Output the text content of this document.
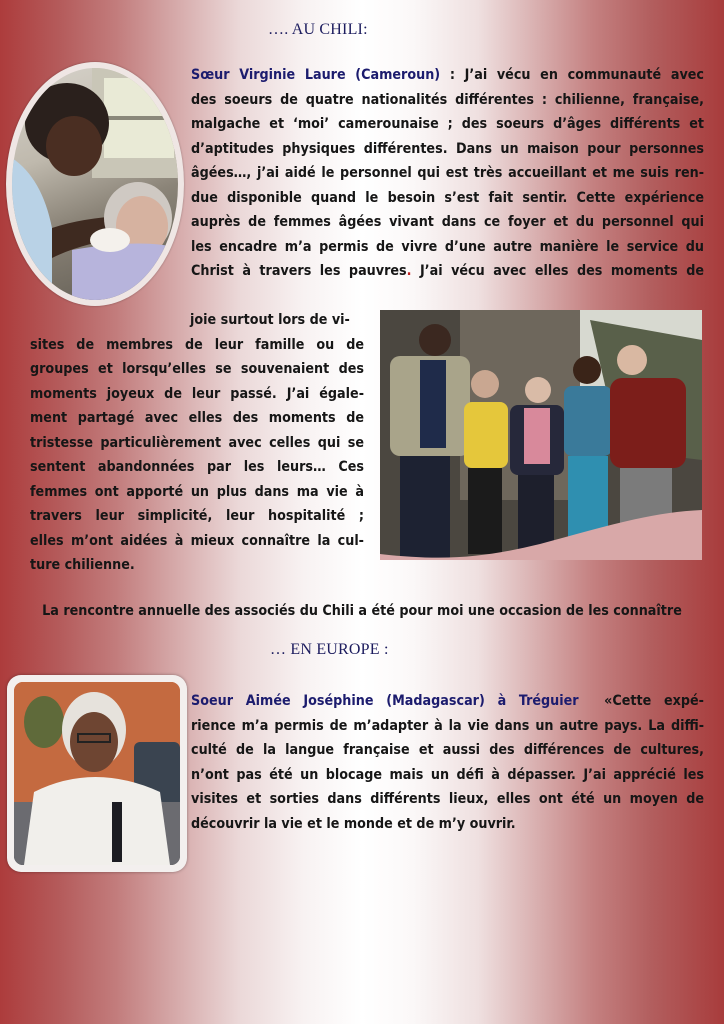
…. AU CHILI:
Sœur Virginie Laure (Cameroun) : J’ai vécu en communauté avec
des soeurs de quatre nationalités différentes : chilienne, française,
malgache et ‘moi’ camerounaise ; des soeurs d’âges différents et
d’aptitudes physiques différentes. Dans un maison pour personnes
âgées…, j’ai aidé le personnel qui est très accueillant et me suis ren-
due disponible quand le besoin s’est fait sentir. Cette expérience
auprès de femmes âgées vivant dans ce foyer et du personnel qui
les encadre m’a permis de vivre d’une autre manière le service du
Christ à travers les pauvres. J’ai vécu avec elles des moments de
joie surtout lors de vi-
sites de membres de leur famille ou de
groupes et lorsqu’elles se souvenaient des
moments joyeux de leur passé. J’ai égale-
ment partagé avec elles des moments de
tristesse particulièrement avec celles qui se
sentent abandonnées par les leurs… Ces
femmes ont apporté un plus dans ma vie à
travers leur simplicité, leur hospitalité ;
elles m’ont aidées à mieux connaître la cul-
ture chilienne.
La rencontre annuelle des associés du Chili a été pour moi une occasion de les connaître
… EN EUROPE :
Soeur Aimée Joséphine (Madagascar) à Tréguier «Cette expé-
rience m’a permis de m’adapter à la vie dans un autre pays. La diffi-
culté de la langue française et aussi des différences de cultures,
n’ont pas été un blocage mais un défi à dépasser. J’ai apprécié les
visites et sorties dans différents lieux, elles ont été un moyen de
découvrir la vie et le monde et de m’y ouvrir.
